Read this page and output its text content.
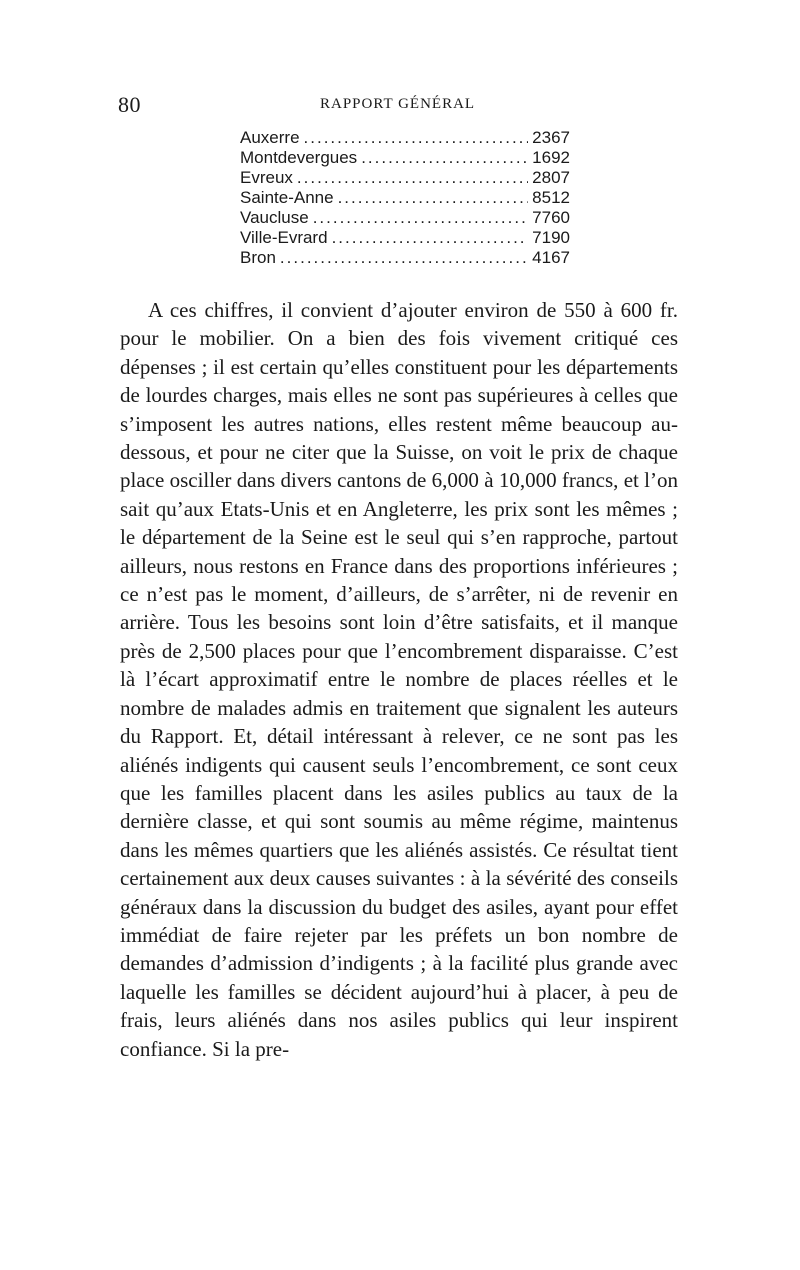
80	RAPPORT GÉNÉRAL
Auxerre .....	2367
Montdevergues .....	1692
Evreux .....	2807
Sainte-Anne .....	8512
Vaucluse .....	7760
Ville-Evrard .....	7190
Bron .....	4167

A ces chiffres, il convient d’ajouter environ de 550 à 600 fr. pour le mobilier. On a bien des fois vivement critiqué ces dépenses ; il est certain qu’elles constituent pour les départements de lourdes charges, mais elles ne sont pas supérieures à celles que s’imposent les autres nations, elles restent même beaucoup au-dessous, et pour ne citer que la Suisse, on voit le prix de chaque place osciller dans divers cantons de 6,000 à 10,000 francs, et l’on sait qu’aux Etats-Unis et en Angleterre, les prix sont les mêmes ; le département de la Seine est le seul qui s’en rapproche, partout ailleurs, nous restons en France dans des proportions inférieures ; ce n’est pas le moment, d’ailleurs, de s’arrêter, ni de revenir en arrière. Tous les besoins sont loin d’être satisfaits, et il manque près de 2,500 places pour que l’encombrement disparaisse. C’est là l’écart approximatif entre le nombre de places réelles et le nombre de malades admis en traitement que signalent les auteurs du Rapport. Et, détail intéressant à relever, ce ne sont pas les aliénés indigents qui causent seuls l’encombrement, ce sont ceux que les familles placent dans les asiles publics au taux de la dernière classe, et qui sont soumis au même régime, maintenus dans les mêmes quartiers que les aliénés assistés. Ce résultat tient certainement aux deux causes suivantes : à la sévérité des conseils généraux dans la discussion du budget des asiles, ayant pour effet immédiat de faire rejeter par les préfets un bon nombre de demandes d’admission d’indigents ; à la facilité plus grande avec laquelle les familles se décident aujourd’hui à placer, à peu de frais, leurs aliénés dans nos asiles publics qui leur inspirent confiance. Si la pre-
